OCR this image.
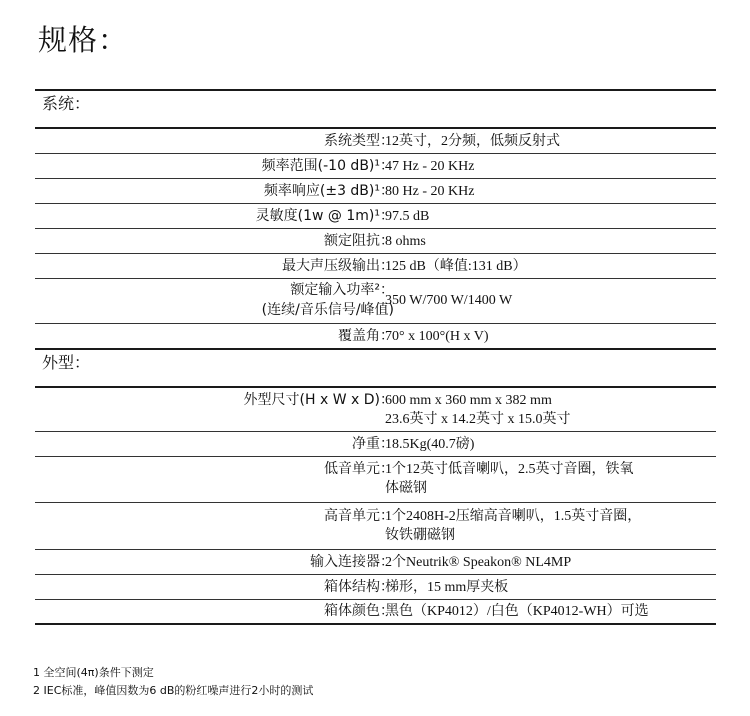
规格：
系统：
系统类型：
12英寸，2分频，低频反射式
频率范围(-10 dB)¹：
47 Hz - 20 KHz
频率响应(±3 dB)¹：
80 Hz - 20 KHz
灵敏度(1w @ 1m)¹：
97.5 dB
额定阻抗：
8 ohms
最大声压级输出：
125 dB（峰值:131 dB）
额定输入功率²：
(连续/音乐信号/峰值)
350 W/700 W/1400 W
覆盖角：
70° x 100°(H x V)
外型：
外型尺寸(H x W x D)：
600 mm x 360 mm x 382 mm
23.6英寸 x 14.2英寸 x 15.0英寸
净重：
18.5Kg(40.7磅)
低音单元：
1个12英寸低音喇叭，2.5英寸音圈，铁氧
体磁钢
高音单元：
1个2408H-2压缩高音喇叭，1.5英寸音圈，
钕铁硼磁钢
输入连接器：
2个Neutrik® Speakon® NL4MP
箱体结构：
梯形，15 mm厚夹板
箱体颜色：
黑色（KP4012）/白色（KP4012-WH）可选
1 全空间(4π)条件下测定
2 IEC标准，峰值因数为6 dB的粉红噪声进行2小时的测试
